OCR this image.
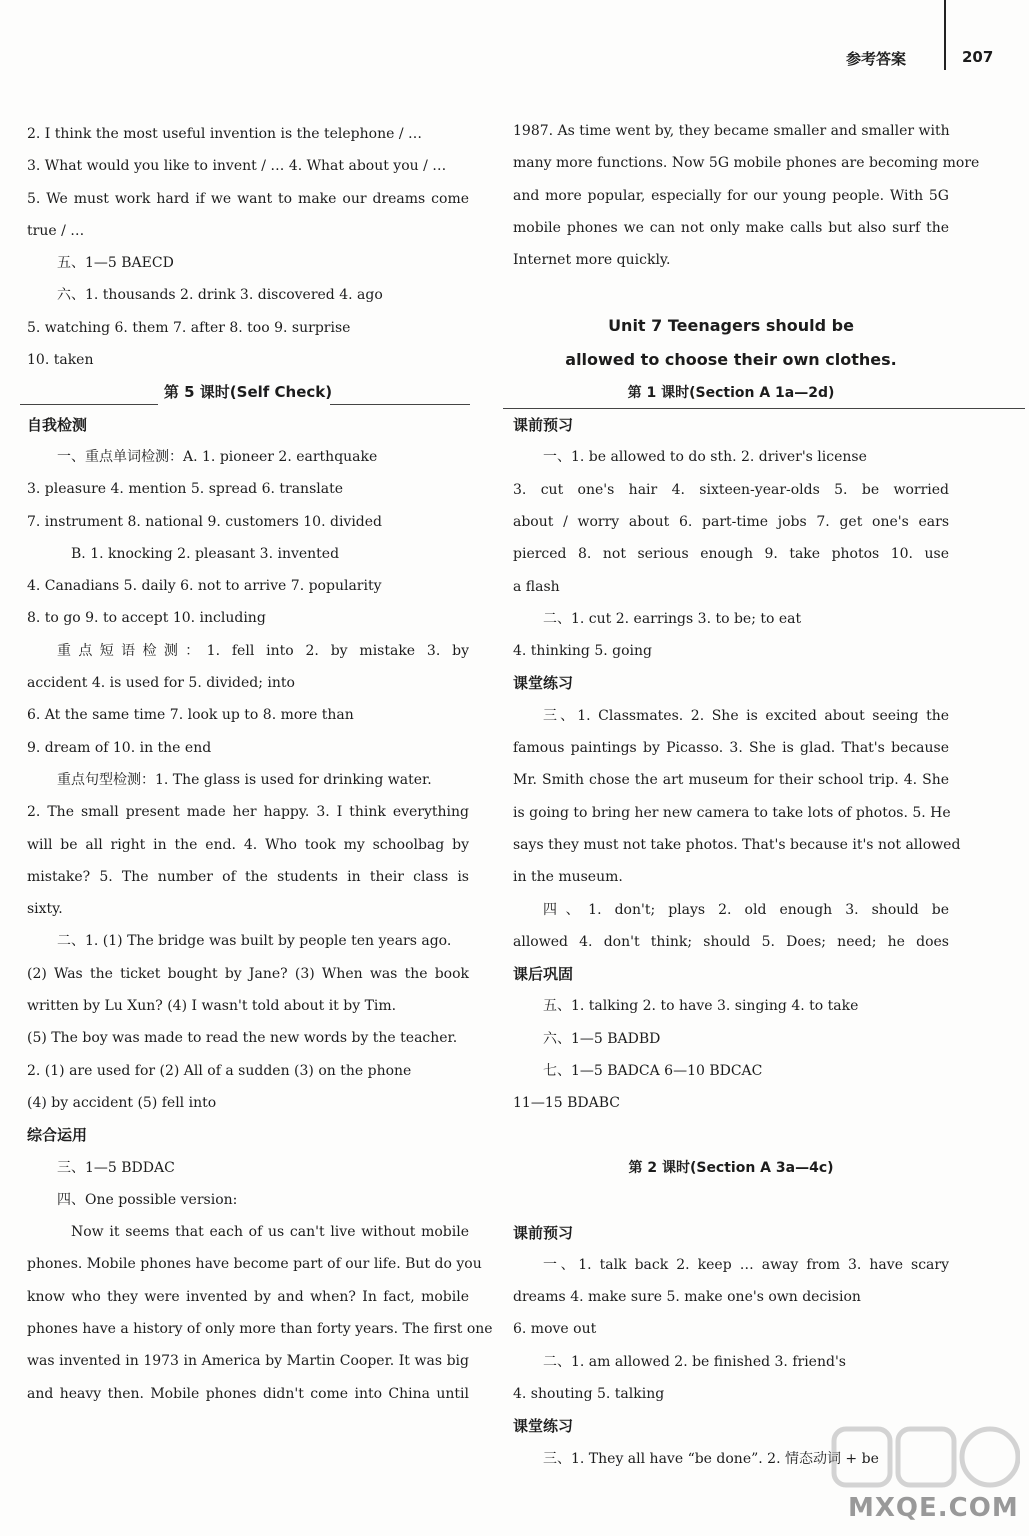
参考答案	207
2. I think the most useful invention is the telephone / …
3. What would you like to invent / … 4. What about you / …
5. We must work hard if we want to make our dreams come
true / …
五、1—5 BAECD
六、1. thousands 2. drink 3. discovered 4. ago
5. watching 6. them 7. after 8. too 9. surprise
10. taken
第 5 课时(Self Check)
自我检测
一、重点单词检测：A. 1. pioneer 2. earthquake
3. pleasure 4. mention 5. spread 6. translate
7. instrument 8. national 9. customers 10. divided
B. 1. knocking 2. pleasant 3. invented
4. Canadians 5. daily 6. not to arrive 7. popularity
8. to go 9. to accept 10. including
重点短语检测：1. fell into 2. by mistake 3. by
accident 4. is used for 5. divided; into
6. At the same time 7. look up to 8. more than
9. dream of 10. in the end
重点句型检测：1. The glass is used for drinking water.
2. The small present made her happy. 3. I think everything
will be all right in the end. 4. Who took my schoolbag by
mistake? 5. The number of the students in their class is
sixty.
二、1. (1) The bridge was built by people ten years ago.
(2) Was the ticket bought by Jane? (3) When was the book
written by Lu Xun? (4) I wasn't told about it by Tim.
(5) The boy was made to read the new words by the teacher.
2. (1) are used for (2) All of a sudden (3) on the phone
(4) by accident (5) fell into
综合运用
三、1—5 BDDAC
四、One possible version:
Now it seems that each of us can't live without mobile
phones. Mobile phones have become part of our life. But do you
know who they were invented by and when? In fact, mobile
phones have a history of only more than forty years. The first one
was invented in 1973 in America by Martin Cooper. It was big
and heavy then. Mobile phones didn't come into China until
1987. As time went by, they became smaller and smaller with
many more functions. Now 5G mobile phones are becoming more
and more popular, especially for our young people. With 5G
mobile phones we can not only make calls but also surf the
Internet more quickly.
Unit 7 Teenagers should be
allowed to choose their own clothes.
第 1 课时(Section A 1a—2d)
课前预习
一、1. be allowed to do sth. 2. driver's license
3. cut one's hair 4. sixteen-year-olds 5. be worried
about / worry about 6. part-time jobs 7. get one's ears
pierced 8. not serious enough 9. take photos 10. use
a flash
二、1. cut 2. earrings 3. to be; to eat
4. thinking 5. going
课堂练习
三、1. Classmates. 2. She is excited about seeing the
famous paintings by Picasso. 3. She is glad. That's because
Mr. Smith chose the art museum for their school trip. 4. She
is going to bring her new camera to take lots of photos. 5. He
says they must not take photos. That's because it's not allowed
in the museum.
四、1. don't; plays 2. old enough 3. should be
allowed 4. don't think; should 5. Does; need; he does
课后巩固
五、1. talking 2. to have 3. singing 4. to take
六、1—5 BADBD
七、1—5 BADCA 6—10 BDCAC
11—15 BDABC
第 2 课时(Section A 3a—4c)
课前预习
一、1. talk back 2. keep … away from 3. have scary
dreams 4. make sure 5. make one's own decision
6. move out
二、1. am allowed 2. be finished 3. friend's
4. shouting 5. talking
课堂练习
三、1. They all have “be done”. 2. 情态动词 + be
MXQE.COM
